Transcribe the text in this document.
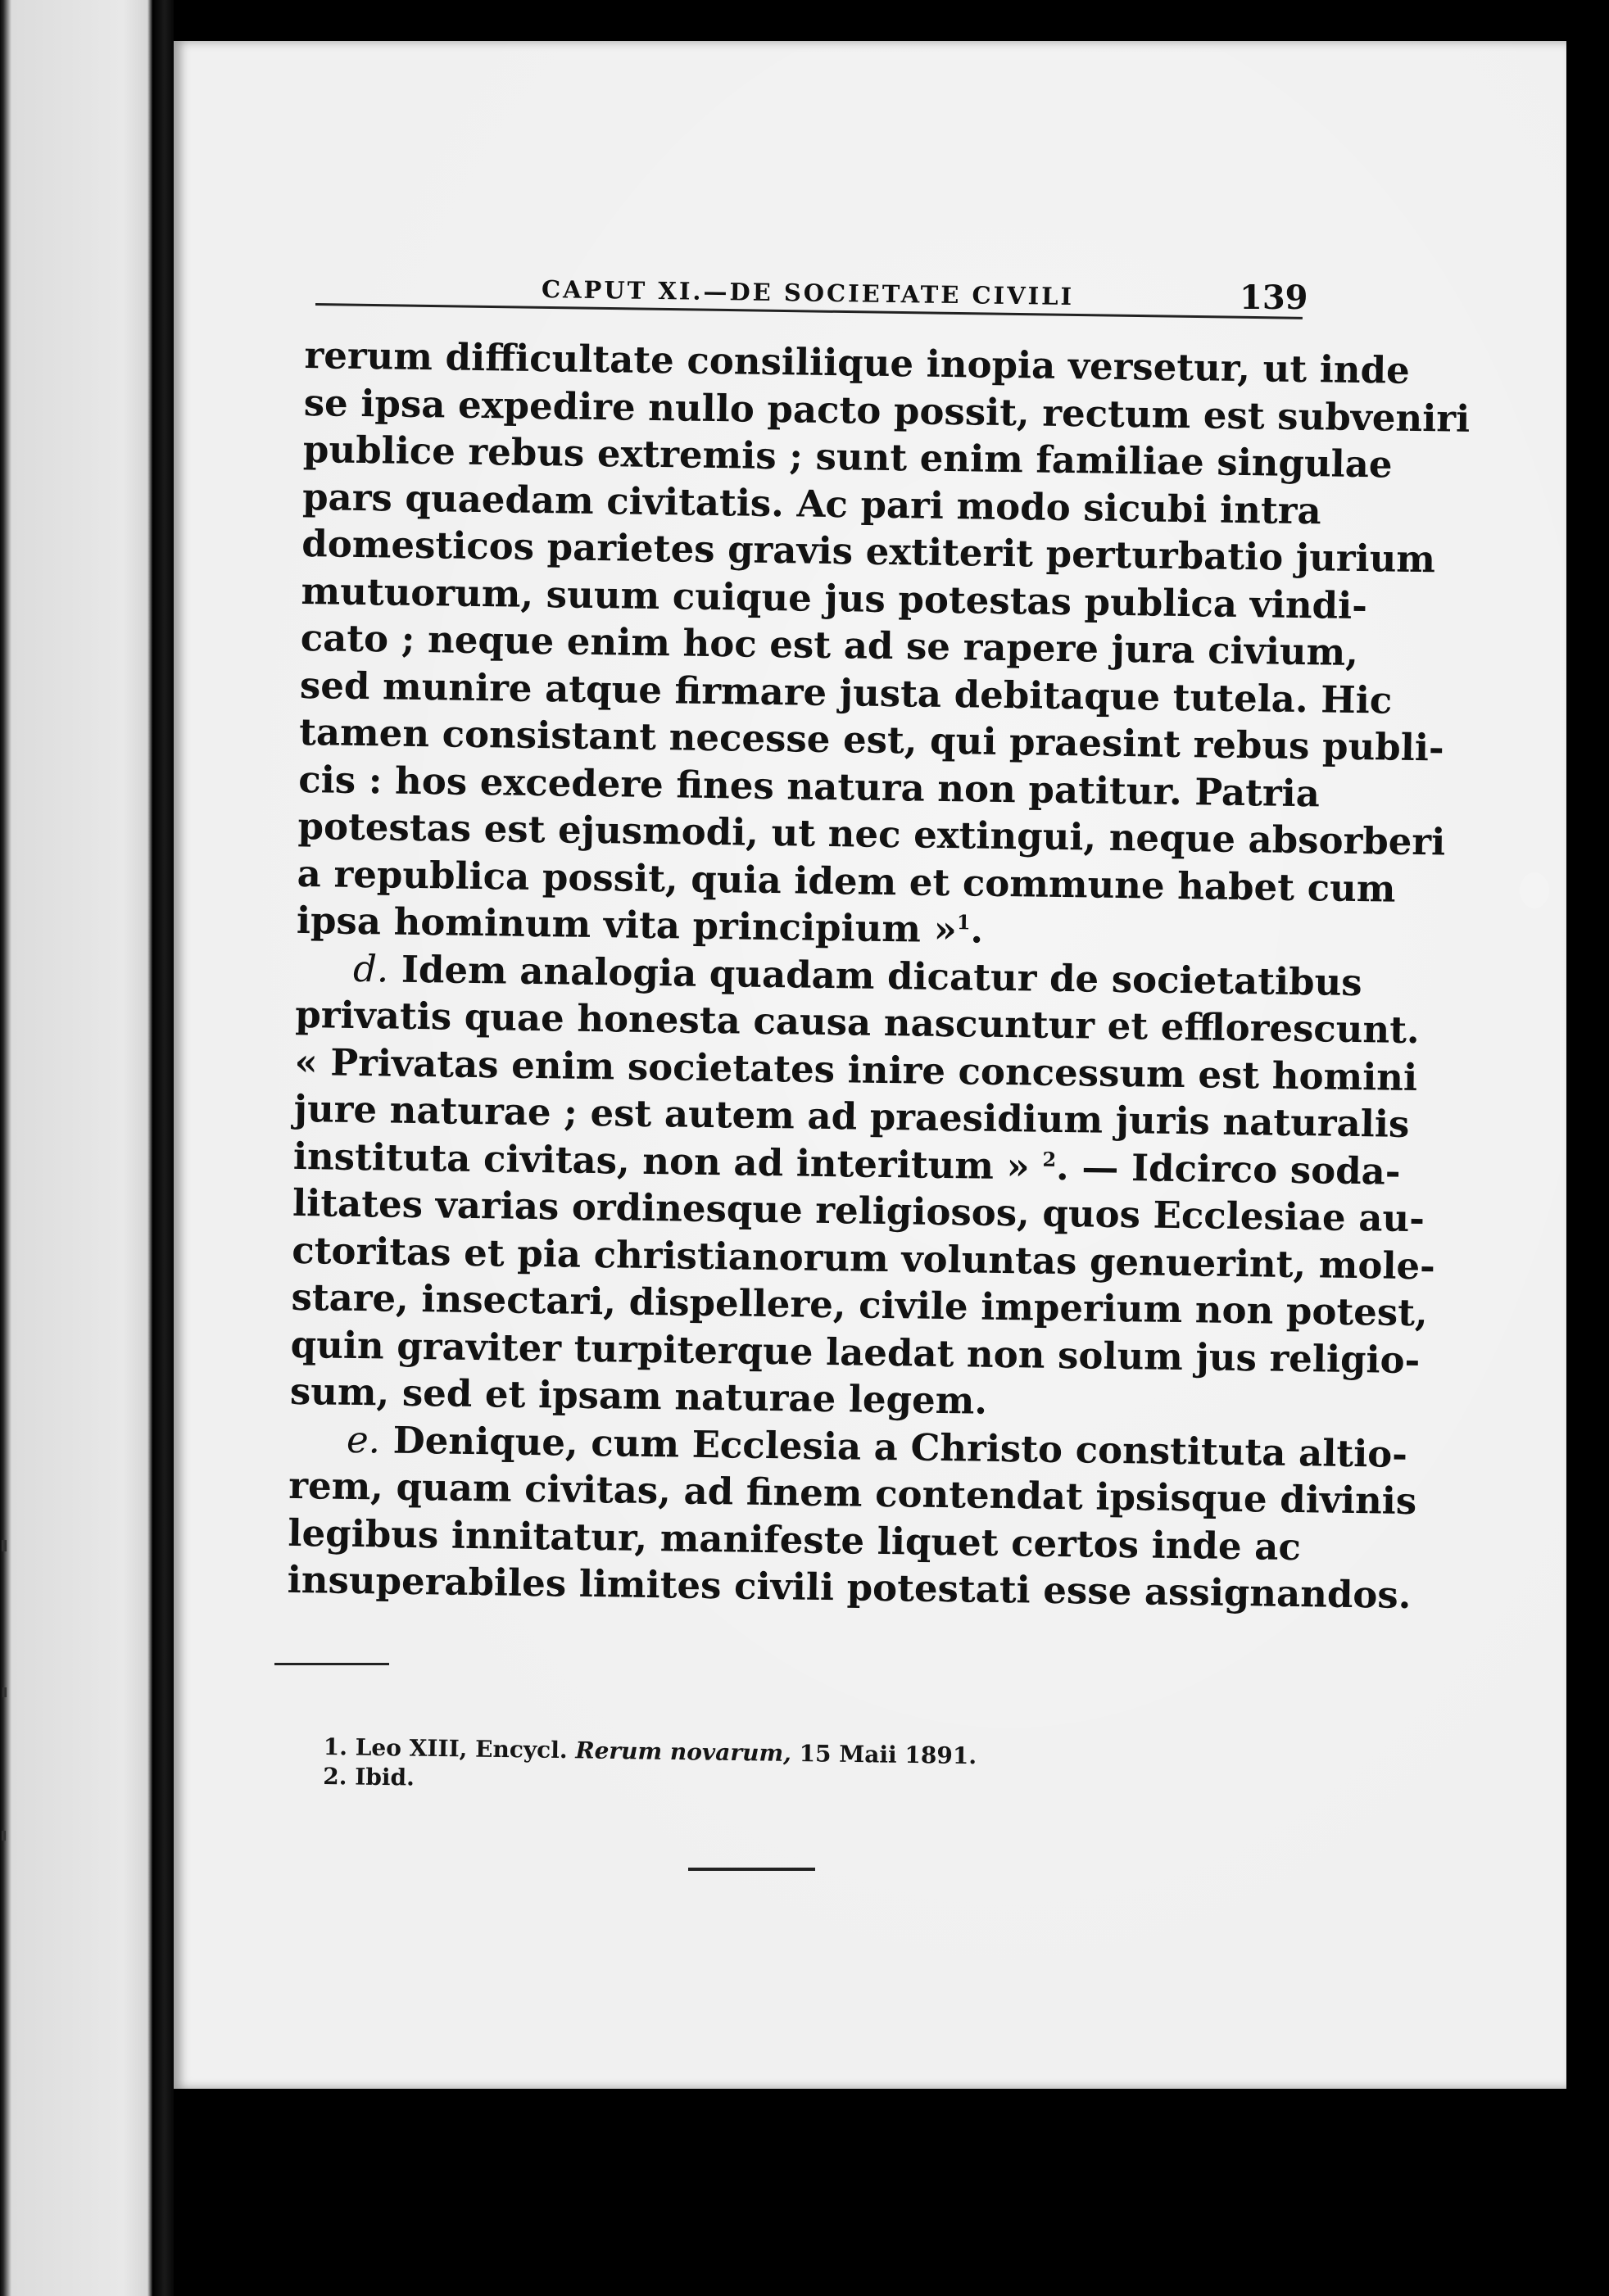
CAPUT XI.—DE SOCIETATE CIVILI	139
rerum difficultate consiliique inopia versetur, ut inde
se ipsa expedire nullo pacto possit, rectum est subveniri
publice rebus extremis ; sunt enim familiae singulae
pars quaedam civitatis. Ac pari modo sicubi intra
domesticos parietes gravis extiterit perturbatio jurium
mutuorum, suum cuique jus potestas publica vindi-
cato ; neque enim hoc est ad se rapere jura civium,
sed munire atque firmare justa debitaque tutela. Hic
tamen consistant necesse est, qui praesint rebus publi-
cis : hos excedere fines natura non patitur. Patria
potestas est ejusmodi, ut nec extingui, neque absorberi
a republica possit, quia idem et commune habet cum
ipsa hominum vita principium »$^1$.
d. Idem analogia quadam dicatur de societatibus
privatis quae honesta causa nascuntur et efflorescunt.
« Privatas enim societates inire concessum est homini
jure naturae ; est autem ad praesidium juris naturalis
instituta civitas, non ad interitum » $^2$. — Idcirco soda-
litates varias ordinesque religiosos, quos Ecclesiae au-
ctoritas et pia christianorum voluntas genuerint, mole-
stare, insectari, dispellere, civile imperium non potest,
quin graviter turpiterque laedat non solum jus religio-
sum, sed et ipsam naturae legem.
e. Denique, cum Ecclesia a Christo constituta altio-
rem, quam civitas, ad finem contendat ipsisque divinis
legibus innitatur, manifeste liquet certos inde ac
insuperabiles limites civili potestati esse assignandos.
1. Leo XIII, Encycl. Rerum novarum, 15 Maii 1891.
2. Ibid.
